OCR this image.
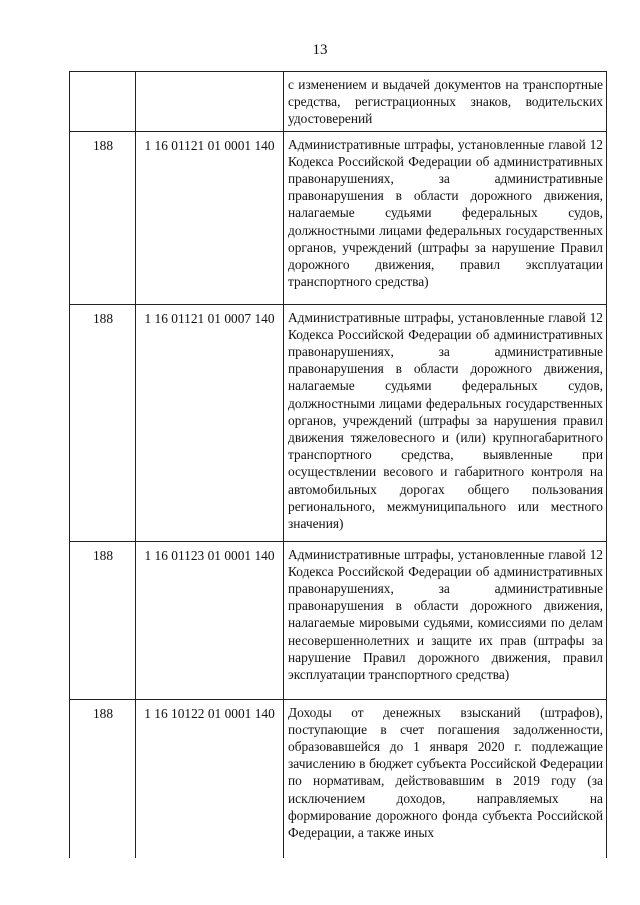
13
		с изменением и выдачей документов на транспортные средства, регистрационных знаков, водительских удостоверений
188	1 16 01121 01 0001 140	Административные штрафы, установленные главой 12 Кодекса Российской Федерации об административных правонарушениях, за административные правонарушения в области дорожного движения, налагаемые судьями федеральных судов, должностными лицами федеральных государственных органов, учреждений (штрафы за нарушение Правил дорожного движения, правил эксплуатации транспортного средства)
188	1 16 01121 01 0007 140	Административные штрафы, установленные главой 12 Кодекса Российской Федерации об административных правонарушениях, за административные правонарушения в области дорожного движения, налагаемые судьями федеральных судов, должностными лицами федеральных государственных органов, учреждений (штрафы за нарушения правил движения тяжеловесного и (или) крупногабаритного транспортного средства, выявленные при осуществлении весового и габаритного контроля на автомобильных дорогах общего пользования регионального, межмуниципального или местного значения)
188	1 16 01123 01 0001 140	Административные штрафы, установленные главой 12 Кодекса Российской Федерации об административных правонарушениях, за административные правонарушения в области дорожного движения, налагаемые мировыми судьями, комиссиями по делам несовершеннолетних и защите их прав (штрафы за нарушение Правил дорожного движения, правил эксплуатации транспортного средства)
188	1 16 10122 01 0001 140	Доходы от денежных взысканий (штрафов), поступающие в счет погашения задолженности, образовавшейся до 1 января 2020 г. подлежащие зачислению в бюджет субъекта Российской Федерации по нормативам, действовавшим в 2019 году (за исключением доходов, направляемых на формирование дорожного фонда субъекта Российской Федерации, а также иных
